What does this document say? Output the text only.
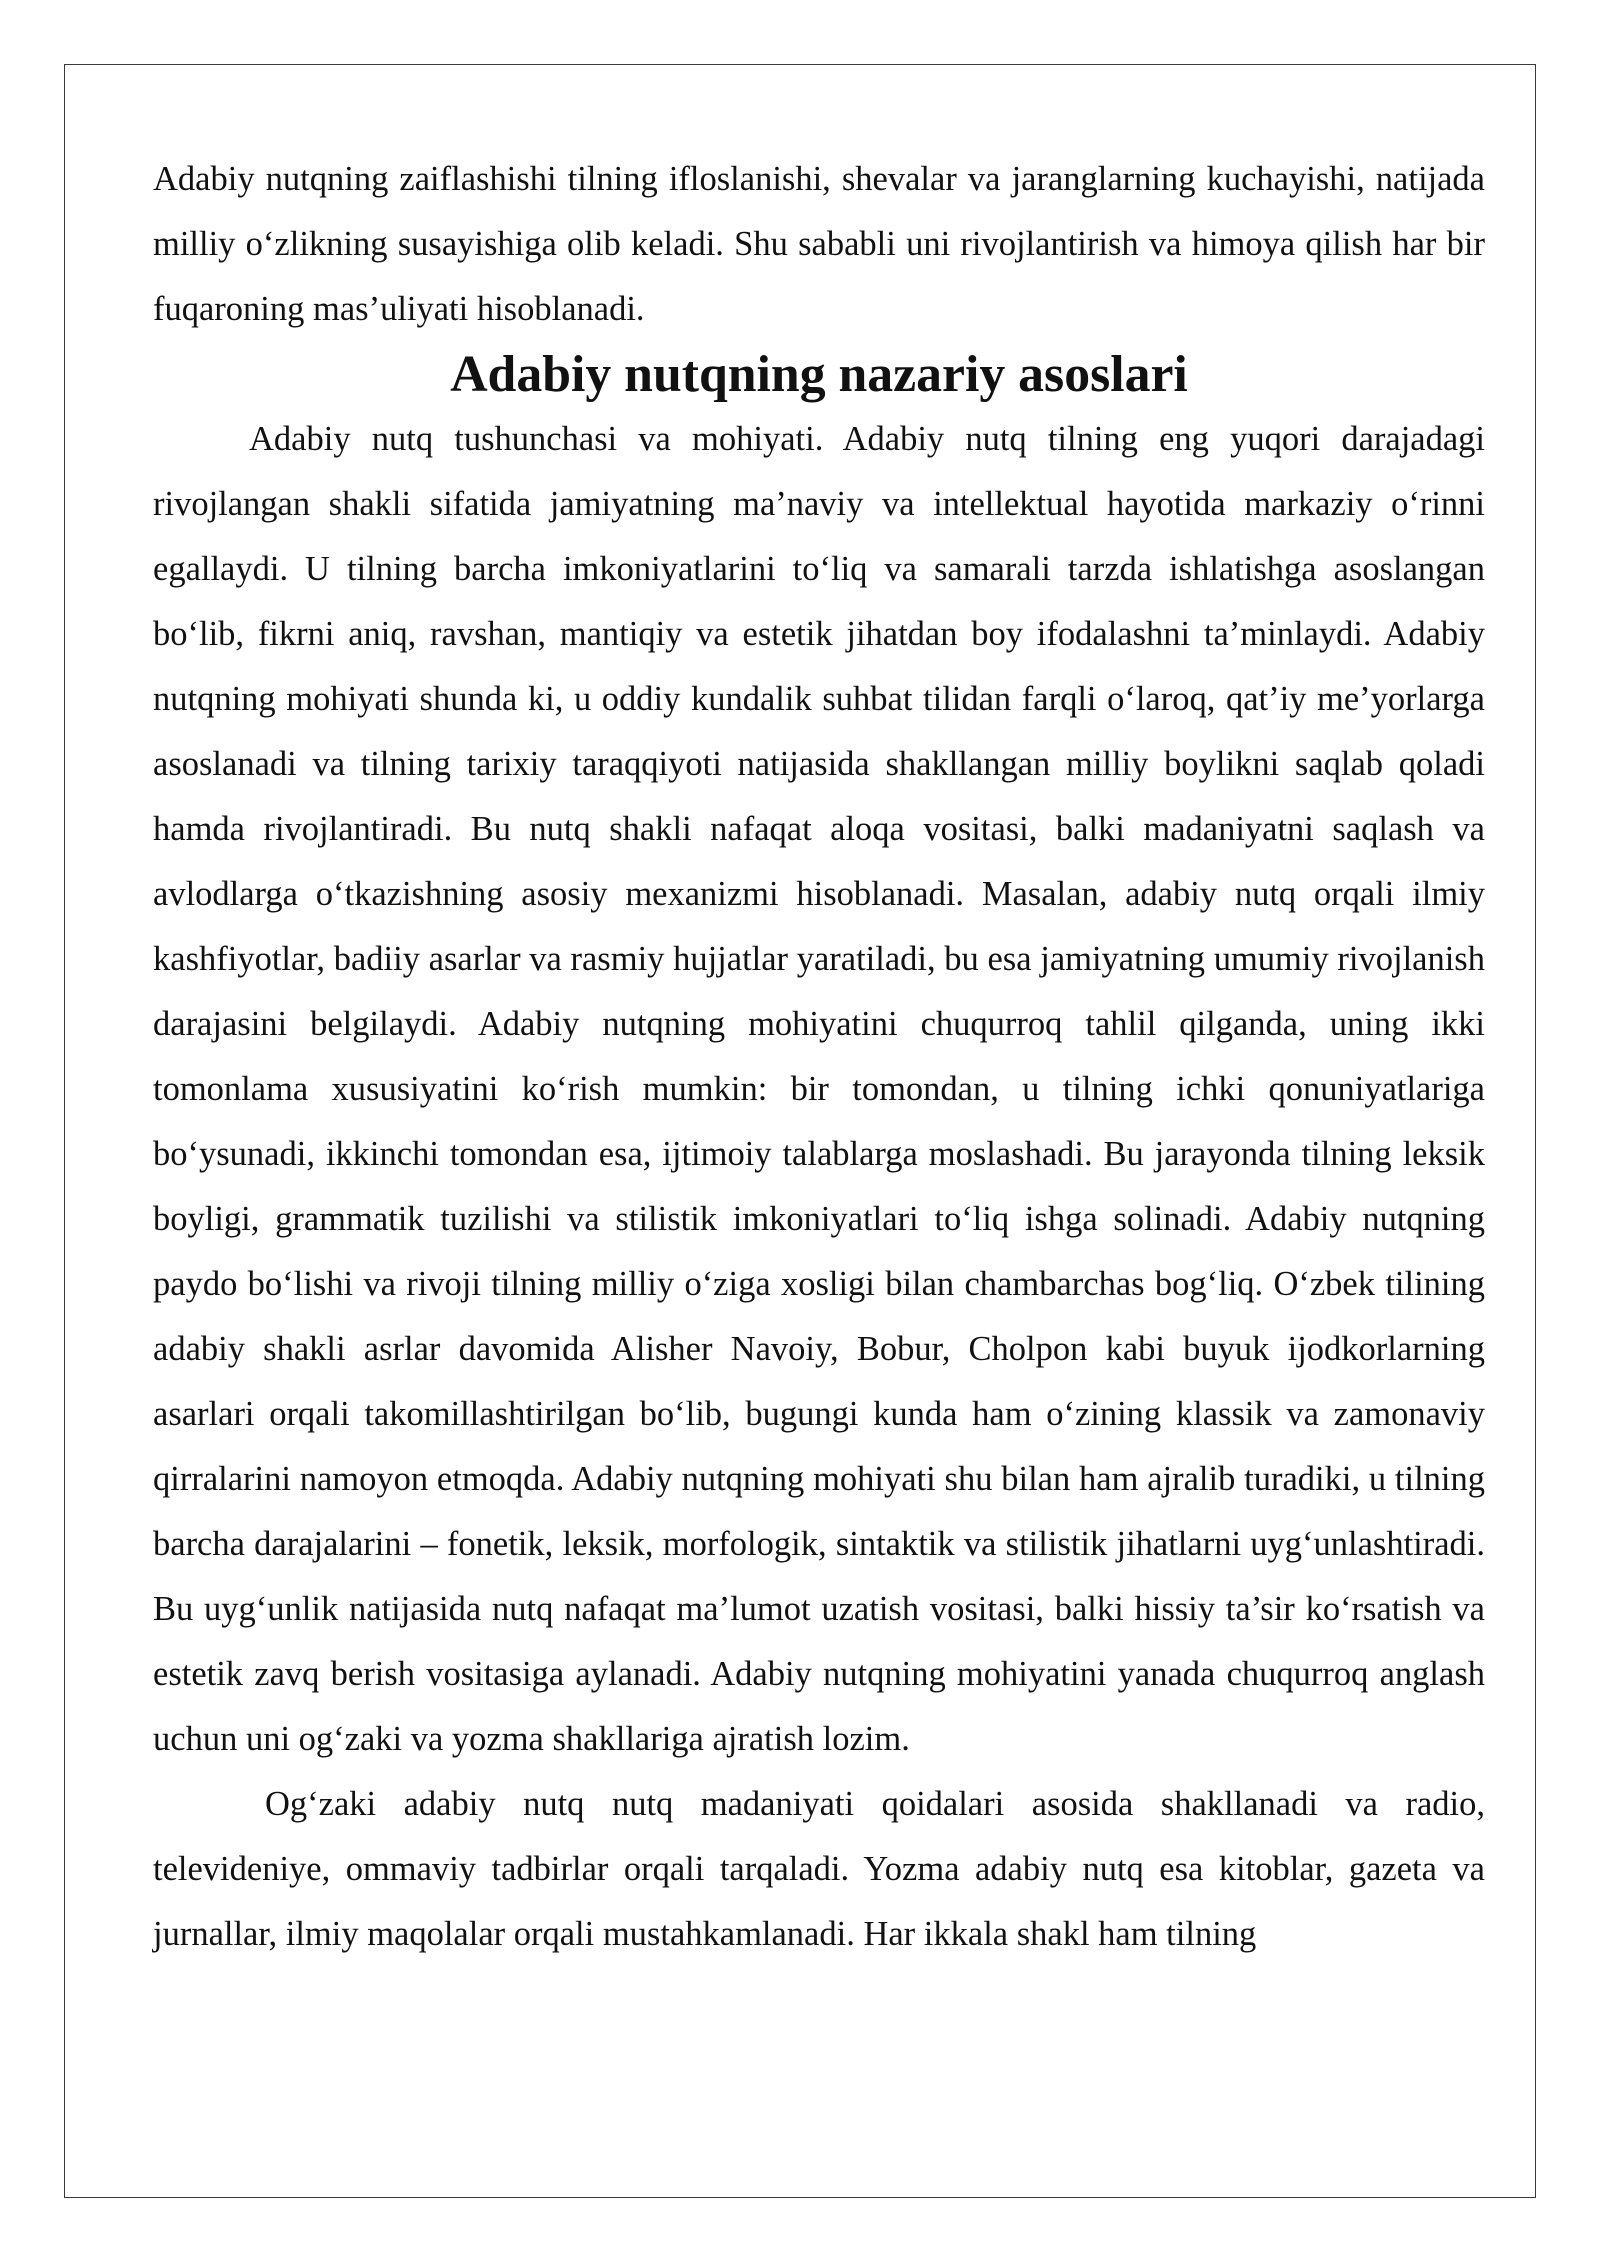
Adabiy nutqning zaiflashishi tilning ifloslanishi, shevalar va jaranglarning kuchayishi, natijada milliy o‘zlikning susayishiga olib keladi. Shu sababli uni rivojlantirish va himoya qilish har bir fuqaroning mas’uliyati hisoblanadi.

Adabiy nutqning nazariy asoslari

Adabiy nutq tushunchasi va mohiyati. Adabiy nutq tilning eng yuqori darajadagi rivojlangan shakli sifatida jamiyatning ma’naviy va intellektual hayotida markaziy o‘rinni egallaydi. U tilning barcha imkoniyatlarini to‘liq va samarali tarzda ishlatishga asoslangan bo‘lib, fikrni aniq, ravshan, mantiqiy va estetik jihatdan boy ifodalashni ta’minlaydi. Adabiy nutqning mohiyati shunda ki, u oddiy kundalik suhbat tilidan farqli o‘laroq, qat’iy me’yorlarga asoslanadi va tilning tarixiy taraqqiyoti natijasida shakllangan milliy boylikni saqlab qoladi hamda rivojlantiradi. Bu nutq shakli nafaqat aloqa vositasi, balki madaniyatni saqlash va avlodlarga o‘tkazishning asosiy mexanizmi hisoblanadi. Masalan, adabiy nutq orqali ilmiy kashfiyotlar, badiiy asarlar va rasmiy hujjatlar yaratiladi, bu esa jamiyatning umumiy rivojlanish darajasini belgilaydi. Adabiy nutqning mohiyatini chuqurroq tahlil qilganda, uning ikki tomonlama xususiyatini ko‘rish mumkin: bir tomondan, u tilning ichki qonuniyatlariga bo‘ysunadi, ikkinchi tomondan esa, ijtimoiy talablarga moslashadi. Bu jarayonda tilning leksik boyligi, grammatik tuzilishi va stilistik imkoniyatlari to‘liq ishga solinadi. Adabiy nutqning paydo bo‘lishi va rivoji tilning milliy o‘ziga xosligi bilan chambarchas bog‘liq. O‘zbek tilining adabiy shakli asrlar davomida Alisher Navoiy, Bobur, Cholpon kabi buyuk ijodkorlarning asarlari orqali takomillashtirilgan bo‘lib, bugungi kunda ham o‘zining klassik va zamonaviy qirralarini namoyon etmoqda. Adabiy nutqning mohiyati shu bilan ham ajralib turadiki, u tilning barcha darajalarini – fonetik, leksik, morfologik, sintaktik va stilistik jihatlarni uyg‘unlashtiradi. Bu uyg‘unlik natijasida nutq nafaqat ma’lumot uzatish vositasi, balki hissiy ta’sir ko‘rsatish va estetik zavq berish vositasiga aylanadi. Adabiy nutqning mohiyatini yanada chuqurroq anglash uchun uni og‘zaki va yozma shakllariga ajratish lozim.

Og‘zaki adabiy nutq nutq madaniyati qoidalari asosida shakllanadi va radio, televideniye, ommaviy tadbirlar orqali tarqaladi. Yozma adabiy nutq esa kitoblar, gazeta va jurnallar, ilmiy maqolalar orqali mustahkamlanadi. Har ikkala shakl ham tilning
